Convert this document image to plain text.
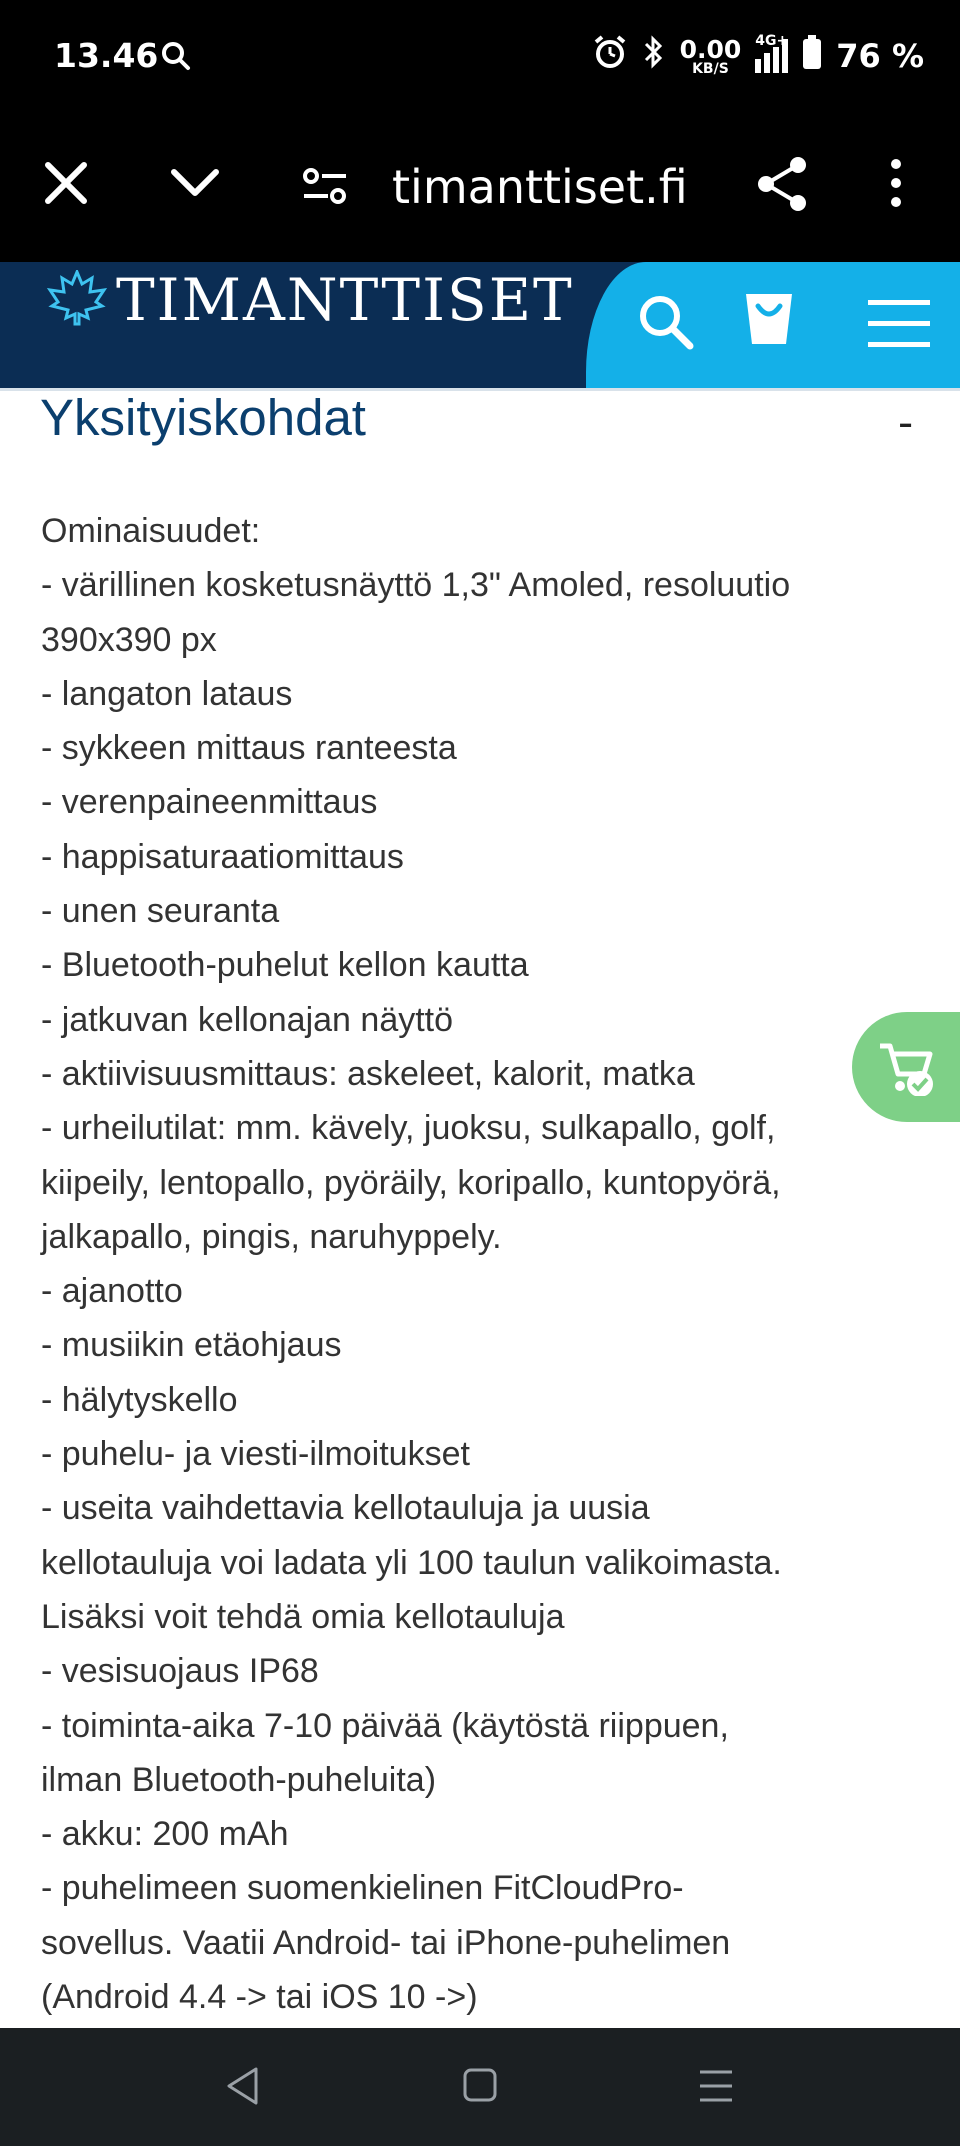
13.46	0.00
KB/S
4G+ 76 %
timanttiset.fi
TIMANTTISET
Yksityiskohdat	-
Ominaisuudet:
- värillinen kosketusnäyttö 1,3" Amoled, resoluutio
390x390 px
- langaton lataus
- sykkeen mittaus ranteesta
- verenpaineenmittaus
- happisaturaatiomittaus
- unen seuranta
- Bluetooth-puhelut kellon kautta
- jatkuvan kellonajan näyttö
- aktiivisuusmittaus: askeleet, kalorit, matka
- urheilutilat: mm. kävely, juoksu, sulkapallo, golf,
kiipeily, lentopallo, pyöräily, koripallo, kuntopyörä,
jalkapallo, pingis, naruhyppely.
- ajanotto
- musiikin etäohjaus
- hälytyskello
- puhelu- ja viesti-ilmoitukset
- useita vaihdettavia kellotauluja ja uusia
kellotauluja voi ladata yli 100 taulun valikoimasta.
Lisäksi voit tehdä omia kellotauluja
- vesisuojaus IP68
- toiminta-aika 7-10 päivää (käytöstä riippuen,
ilman Bluetooth-puheluita)
- akku: 200 mAh
- puhelimeen suomenkielinen FitCloudPro-
sovellus. Vaatii Android- tai iPhone-puhelimen
(Android 4.4 -> tai iOS 10 ->)
